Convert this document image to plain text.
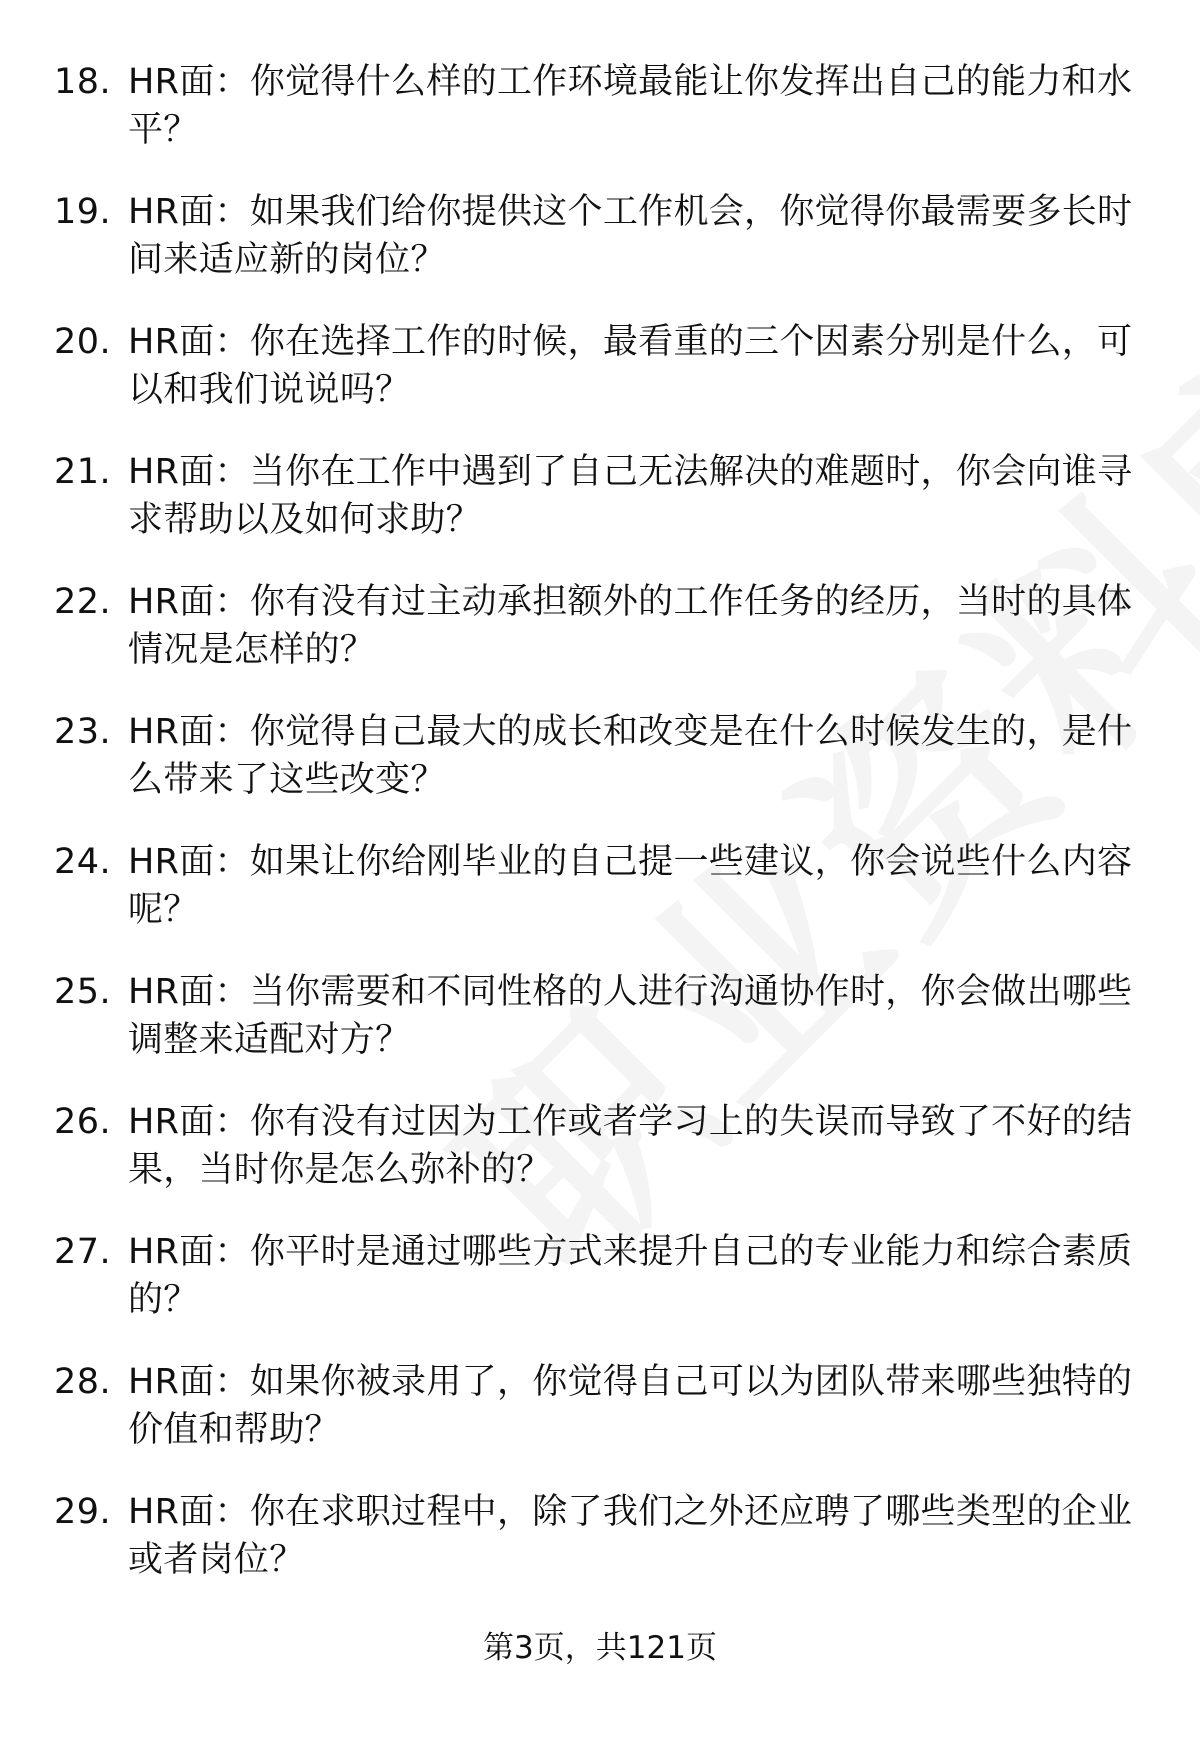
18. HR面：你觉得什么样的工作环境最能让你发挥出自己的能力和水平？
19. HR面：如果我们给你提供这个工作机会，你觉得你最需要多长时间来适应新的岗位？
20. HR面：你在选择工作的时候，最看重的三个因素分别是什么，可以和我们说说吗？
21. HR面：当你在工作中遇到了自己无法解决的难题时，你会向谁寻求帮助以及如何求助？
22. HR面：你有没有过主动承担额外的工作任务的经历，当时的具体情况是怎样的？
23. HR面：你觉得自己最大的成长和改变是在什么时候发生的，是什么带来了这些改变？
24. HR面：如果让你给刚毕业的自己提一些建议，你会说些什么内容呢？
25. HR面：当你需要和不同性格的人进行沟通协作时，你会做出哪些调整来适配对方？
26. HR面：你有没有过因为工作或者学习上的失误而导致了不好的结果，当时你是怎么弥补的？
27. HR面：你平时是通过哪些方式来提升自己的专业能力和综合素质的？
28. HR面：如果你被录用了，你觉得自己可以为团队带来哪些独特的价值和帮助？
29. HR面：你在求职过程中，除了我们之外还应聘了哪些类型的企业或者岗位？
第3页，共121页
